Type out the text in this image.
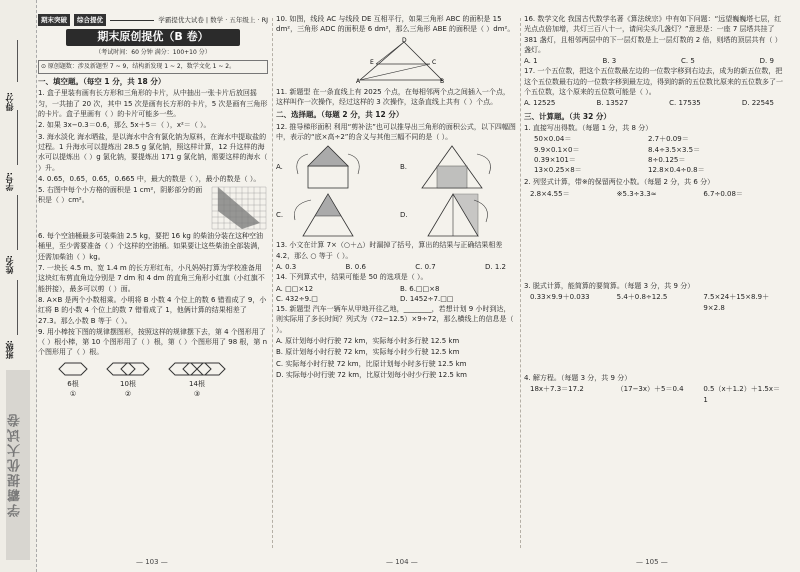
得分:
学号:
姓名:
班级:
学霸提优大试卷
期末突破	综合提优	学霸提优大试卷 | 数学 · 五年级上 · RJ
期末原创提优（B 卷）
（考试时间：60 分钟 满分：100+10 分）
⊙ 原创题数：涉及新题型 7 ~ 9，结构新发现 1 ~ 2，数学文化 1 ~ 2。
一、填空题。（每空 1 分，共 18 分）
1. 盒子里装有画有长方形和三角形的卡片，从中抽出一张卡片后放回摇匀，一共抽了 20 次，其中 15 次是画有长方形的卡片，5 次是画有三角形的卡片。盒子里画有（ ）的卡片可能多一些。
2. 如果 3x−0.3＝0.6，那么 5x＋5＝（ ），x²＝（ ）。
3. 海水淡化 海水晒盐，是以海水中含有氯化钠为原料，在海水中提取盐的过程。1 升海水可以提炼出 28.5 g 氯化钠，照这样计算，12 升这样的海水可以提炼出（ ）g 氯化钠，要提炼出 171 g 氯化钠，需要这样的海水（ ）升。
4. 0.65，0.65̇，0.6̇5̇，0.665 中，最大的数是（ ），最小的数是（ ）。
5. 右图中每个小方格的面积是 1 cm²，阴影部分的面积是（ ）cm²。
6. 每个空油桶最多可装柴油 2.5 kg，要把 16 kg 的柴油分装在这种空油桶里，至少需要准备（ ）个这样的空油桶。如果要让这些柴油全部装满，还需加柴油（ ）kg。
7. 一块长 4.5 m、宽 1.4 m 的长方形红布，小凡妈妈打算为学校准备用这块红布剪直角边分别是 7 dm 和 4 dm 的直角三角形小红旗（小红旗不能拼接），最多可以剪（ ）面。
8. A×B 是两个小数相乘。小明将 B 小数 4 个位上的数 6 错看成了 9，小红将 B 的小数 4 个位上的数 7 错看成了 1，他俩计算的结果相差了 27.3。那么小数 B 等于（ ）。
9. 用小棒按下图的规律摆图形，按照这样的规律摆下去，第 4 个图形用了（ ）根小棒，第 10 个图形用了（ ）根，第（ ）个图形用了 98 根，第 n 个图形用了（ ）根。

6根
①

10根
②

14根
③
— 103 —
10. 如图，线段 AC 与线段 DE 互相平行，如果三角形 ABC 的面积是 15 dm²，三角形 ADC 的面积是 6 dm²，那么三角形 ABE 的面积是（ ）dm²。
D
E
A	B
C
11. 新题型 在一条直线上有 2025 个点，在每相邻两个点之间插入一个点，这样叫作一次操作，经过这样的 3 次操作，这条直线上共有（ ）个点。
二、选择题。（每题 2 分，共 12 分）
12. 推导梯形面积 利用“剪补法”也可以推导出三角形的面积公式，以下四幅图中，表示的“底×高÷2”的含义与其他三幅不同的是（ ）。
A.	B.
C.	D.
13. 小文在计算 7×（○＋△）时漏掉了括号，算出的结果与正确结果相差 4.2，那么 ○ 等于（ ）。
A. 0.3	B. 0.6	C. 0.7	D. 1.2
14. 下列算式中，结果可能是 50 的选项是（ ）。
A. □□×12	B. 6.□□×8
C. 432÷9.□	D. 1452÷7.□□
15. 新题型 汽车一辆车从甲地开往乙地，________，若想计划 9 小时到达，则实际用了多长时间？列式为（72−12.5）×9÷72，那么横线上的信息是（ ）。
A. 原计划每小时行驶 72 km，实际每小时多行驶 12.5 km
B. 原计划每小时行驶 72 km，实际每小时少行驶 12.5 km
C. 实际每小时行驶 72 km，比原计划每小时多行驶 12.5 km
D. 实际每小时行驶 72 km，比原计划每小时少行驶 12.5 km
— 104 —
16. 数学文化 我国古代数学名著《算法统宗》中有如下问题：“远望巍巍塔七层，红光点点倍加增，共灯三百八十一，请问尖头几盏灯？”意思是：一座 7 层塔共挂了 381 盏灯，且相邻两层中的下一层灯数是上一层灯数的 2 倍，则塔的顶层共有（ ）盏灯。
A. 1	B. 3	C. 5	D. 9
17. 一个五位数，把这个五位数最左边的一位数字移到右边去，成为的新五位数，把这个五位数最右边的一位数字移到最左边，得到的新的五位数比原来的五位数多了一个五位数，这个原来的五位数可能是（ ）。
A. 12525	B. 13527	C. 17535	D. 22545
三、计算题。（共 32 分）
1. 直接写出得数。（每题 1 分，共 8 分）
50×0.04＝	2.7＋0.09＝
9.9×0.1×0＝	8.4÷3.5×3.5＝
0.39×101＝	8÷0.125＝
13×0.25×8＝	12.8×0.4÷0.8＝
2. 列竖式计算，带※的保留两位小数。（每题 2 分，共 6 分）
2.8×4.55＝	※5.3÷3.3≈	6.7÷0.08＝
3. 脱式计算，能简算的要简算。（每题 3 分，共 9 分）
0.33×9.9＋0.033	5.4＋0.8÷12.5	7.5×24＋15×8.9＋9×2.8
4. 解方程。（每题 3 分，共 9 分）
18x＋7.3＝17.2	（17−3x）＋5＝0.4	0.5（x＋1.2）＋1.5x＝1
— 105 —
